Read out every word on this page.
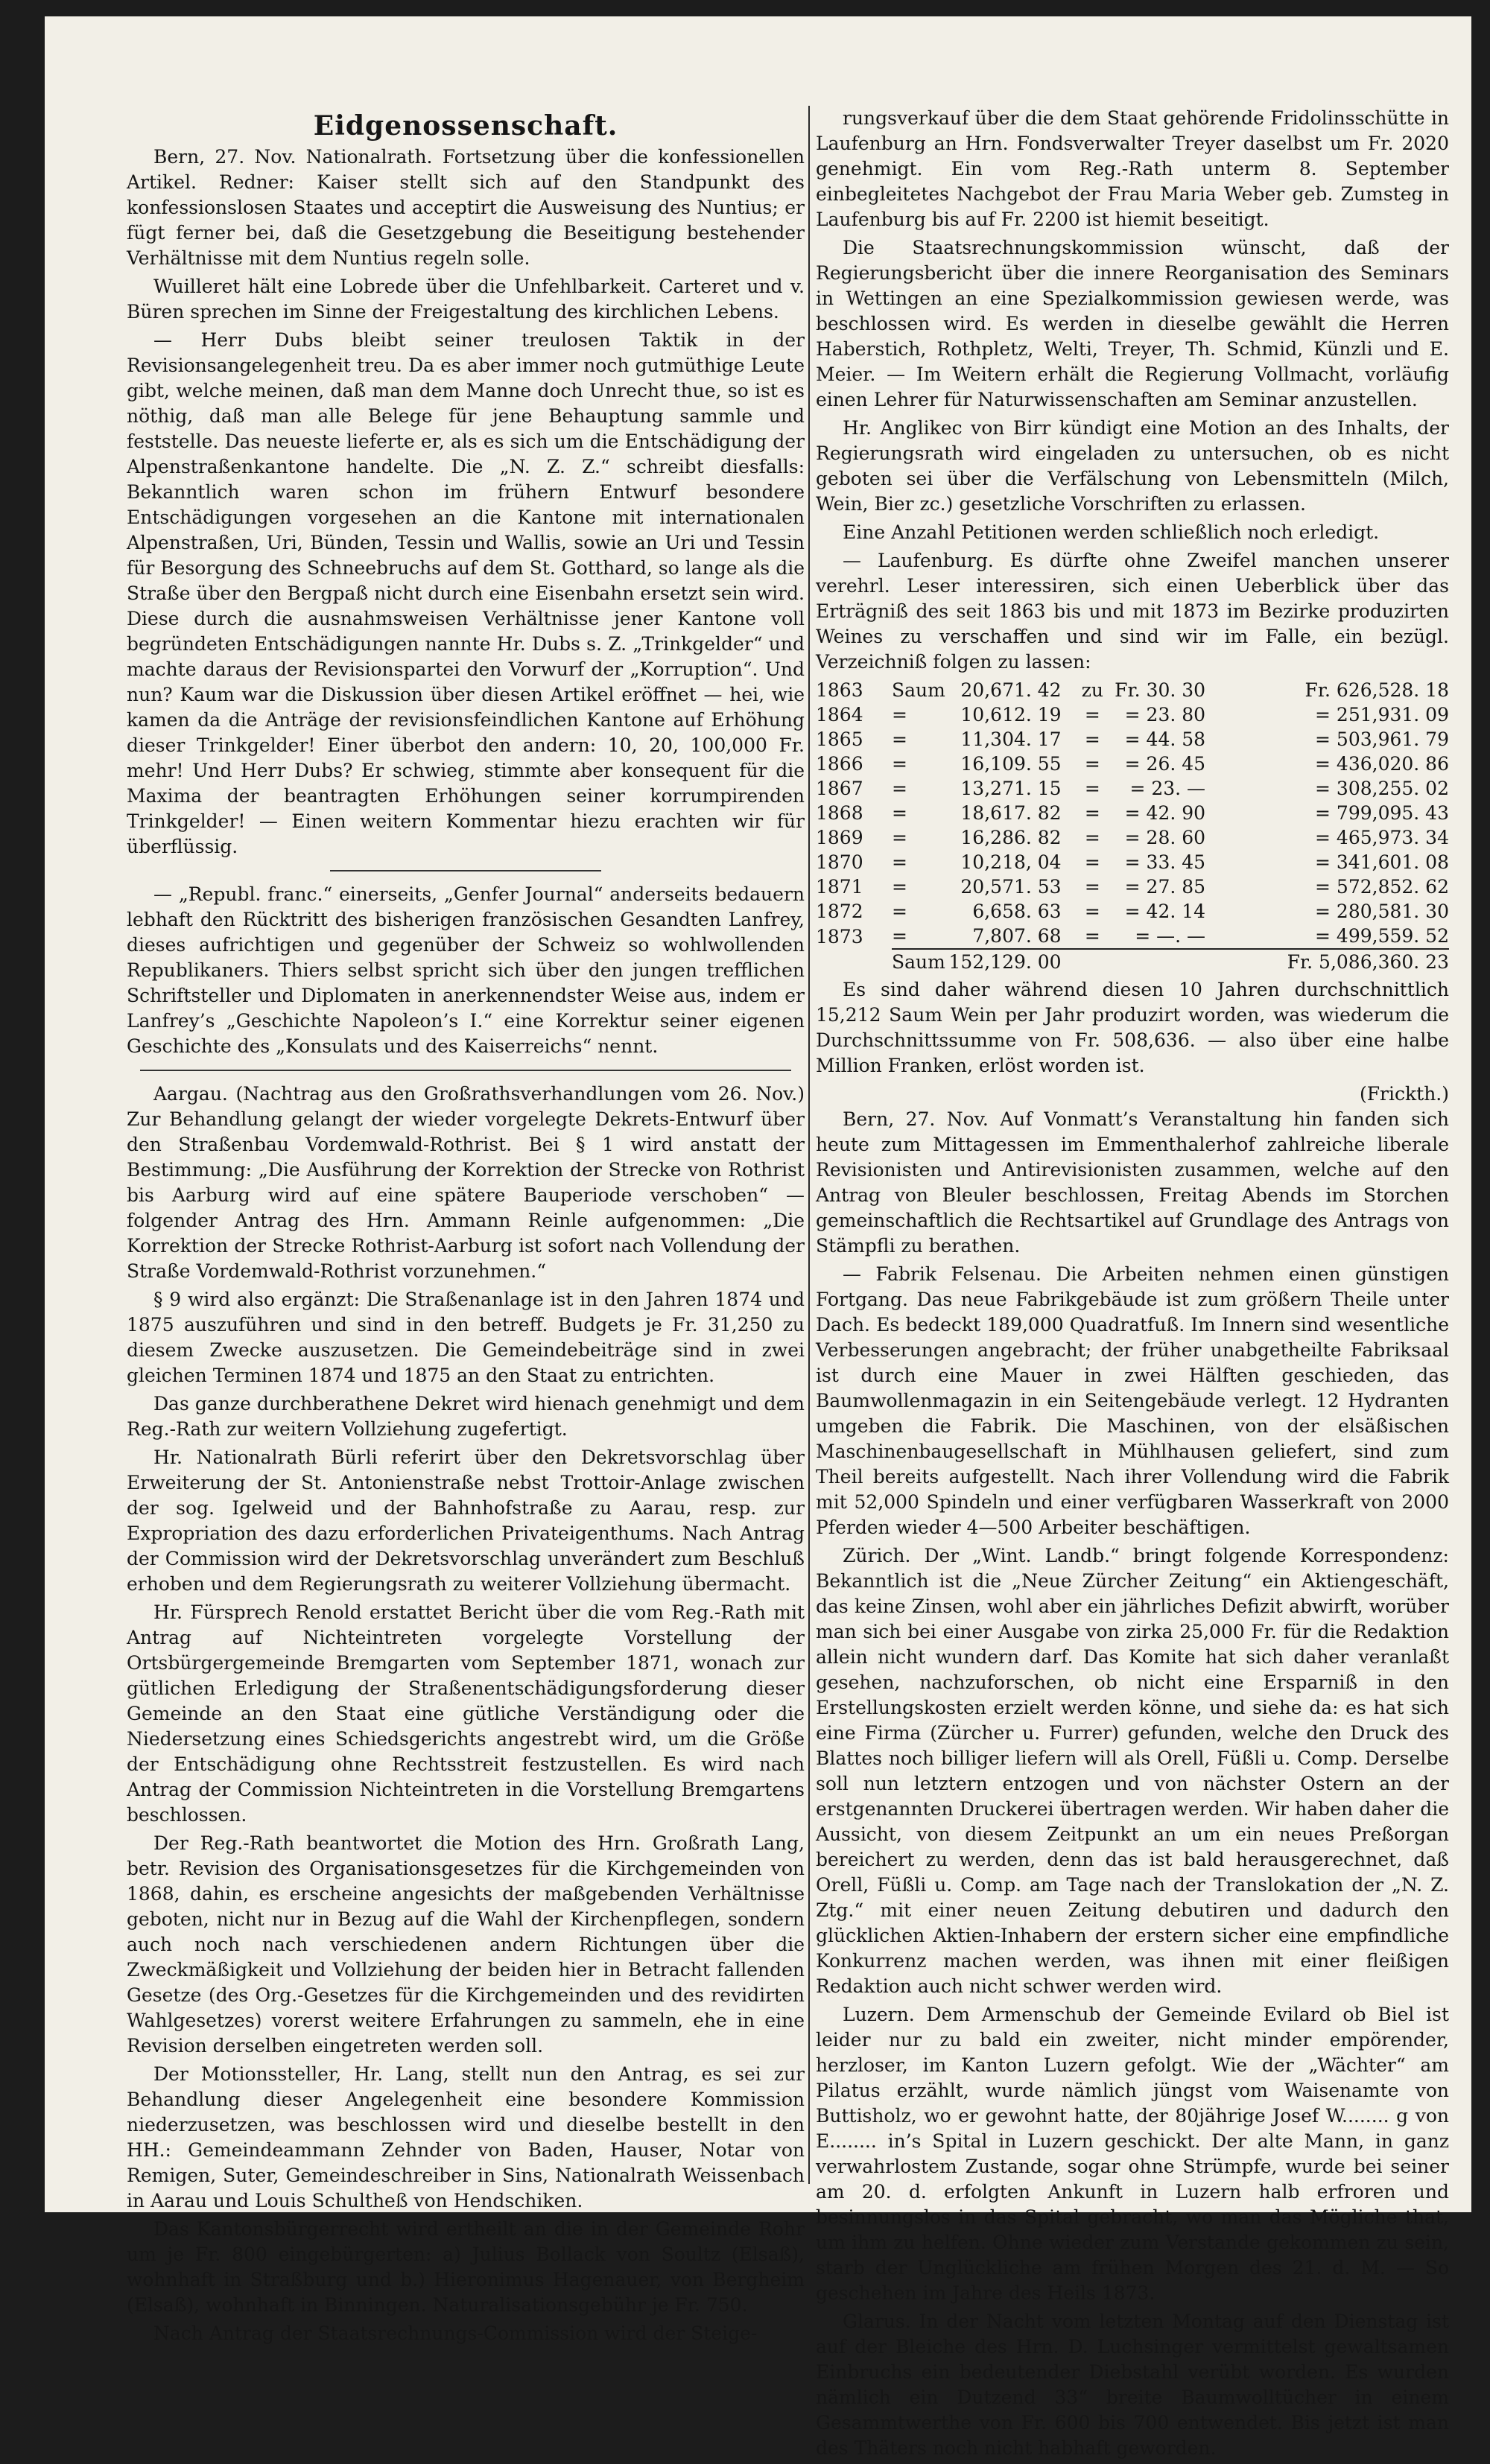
Eidgenossenschaft.

Bern, 27. Nov. Nationalrath. Fortsetzung über die konfessionellen Artikel. Redner: Kaiser stellt sich auf den Standpunkt des konfessionslosen Staates und acceptirt die Ausweisung des Nuntius; er fügt ferner bei, daß die Gesetzgebung die Beseitigung bestehender Verhältnisse mit dem Nuntius regeln solle.

Wuilleret hält eine Lobrede über die Unfehlbarkeit. Carteret und v. Büren sprechen im Sinne der Freigestaltung des kirchlichen Lebens.

— Herr Dubs bleibt seiner treulosen Taktik in der Revisionsangelegenheit treu. Da es aber immer noch gutmüthige Leute gibt, welche meinen, daß man dem Manne doch Unrecht thue, so ist es nöthig, daß man alle Belege für jene Behauptung sammle und feststelle. Das neueste lieferte er, als es sich um die Entschädigung der Alpenstraßenkantone handelte. Die „N. Z. Z.“ schreibt diesfalls: Bekanntlich waren schon im frühern Entwurf besondere Entschädigungen vorgesehen an die Kantone mit internationalen Alpenstraßen, Uri, Bünden, Tessin und Wallis, sowie an Uri und Tessin für Besorgung des Schneebruchs auf dem St. Gotthard, so lange als die Straße über den Bergpaß nicht durch eine Eisenbahn ersetzt sein wird. Diese durch die ausnahmsweisen Verhältnisse jener Kantone voll begründeten Entschädigungen nannte Hr. Dubs s. Z. „Trinkgelder“ und machte daraus der Revisionspartei den Vorwurf der „Korruption“. Und nun? Kaum war die Diskussion über diesen Artikel eröffnet — hei, wie kamen da die Anträge der revisionsfeindlichen Kantone auf Erhöhung dieser Trinkgelder! Einer überbot den andern: 10, 20, 100,000 Fr. mehr! Und Herr Dubs? Er schwieg, stimmte aber konsequent für die Maxima der beantragten Erhöhungen seiner korrumpirenden Trinkgelder! — Einen weitern Kommentar hiezu erachten wir für überflüssig.

— „Republ. franc.“ einerseits, „Genfer Journal“ anderseits bedauern lebhaft den Rücktritt des bisherigen französischen Gesandten Lanfrey, dieses aufrichtigen und gegenüber der Schweiz so wohlwollenden Republikaners. Thiers selbst spricht sich über den jungen trefflichen Schriftsteller und Diplomaten in anerkennendster Weise aus, indem er Lanfrey’s „Geschichte Napoleon’s I.“ eine Korrektur seiner eigenen Geschichte des „Konsulats und des Kaiserreichs“ nennt.

Aargau. (Nachtrag aus den Großrathsverhandlungen vom 26. Nov.) Zur Behandlung gelangt der wieder vorgelegte Dekrets-Entwurf über den Straßenbau Vordemwald-Rothrist. Bei § 1 wird anstatt der Bestimmung: „Die Ausführung der Korrektion der Strecke von Rothrist bis Aarburg wird auf eine spätere Bauperiode verschoben“ — folgender Antrag des Hrn. Ammann Reinle aufgenommen: „Die Korrektion der Strecke Rothrist-Aarburg ist sofort nach Vollendung der Straße Vordemwald-Rothrist vorzunehmen.“

§ 9 wird also ergänzt: Die Straßenanlage ist in den Jahren 1874 und 1875 auszuführen und sind in den betreff. Budgets je Fr. 31,250 zu diesem Zwecke auszusetzen. Die Gemeindebeiträge sind in zwei gleichen Terminen 1874 und 1875 an den Staat zu entrichten.

Das ganze durchberathene Dekret wird hienach genehmigt und dem Reg.-Rath zur weitern Vollziehung zugefertigt.

Hr. Nationalrath Bürli referirt über den Dekretsvorschlag über Erweiterung der St. Antonienstraße nebst Trottoir-Anlage zwischen der sog. Igelweid und der Bahnhofstraße zu Aarau, resp. zur Expropriation des dazu erforderlichen Privateigenthums. Nach Antrag der Commission wird der Dekretsvorschlag unverändert zum Beschluß erhoben und dem Regierungsrath zu weiterer Vollziehung übermacht.

Hr. Fürsprech Renold erstattet Bericht über die vom Reg.-Rath mit Antrag auf Nichteintreten vorgelegte Vorstellung der Ortsbürgergemeinde Bremgarten vom September 1871, wonach zur gütlichen Erledigung der Straßenentschädigungsforderung dieser Gemeinde an den Staat eine gütliche Verständigung oder die Niedersetzung eines Schiedsgerichts angestrebt wird, um die Größe der Entschädigung ohne Rechtsstreit festzustellen. Es wird nach Antrag der Commission Nichteintreten in die Vorstellung Bremgartens beschlossen.

Der Reg.-Rath beantwortet die Motion des Hrn. Großrath Lang, betr. Revision des Organisationsgesetzes für die Kirchgemeinden von 1868, dahin, es erscheine angesichts der maßgebenden Verhältnisse geboten, nicht nur in Bezug auf die Wahl der Kirchenpflegen, sondern auch noch nach verschiedenen andern Richtungen über die Zweckmäßigkeit und Vollziehung der beiden hier in Betracht fallenden Gesetze (des Org.-Gesetzes für die Kirchgemeinden und des revidirten Wahlgesetzes) vorerst weitere Erfahrungen zu sammeln, ehe in eine Revision derselben eingetreten werden soll.

Der Motionssteller, Hr. Lang, stellt nun den Antrag, es sei zur Behandlung dieser Angelegenheit eine besondere Kommission niederzusetzen, was beschlossen wird und dieselbe bestellt in den HH.: Gemeindeammann Zehnder von Baden, Hauser, Notar von Remigen, Suter, Gemeindeschreiber in Sins, Nationalrath Weissenbach in Aarau und Louis Schultheß von Hendschiken.

Das Kantonsbürgerrecht wird ertheilt an die in der Gemeinde Rohr um je Fr. 800 eingebürgerten: a) Julius Bollack von Soultz (Elsaß), wohnhaft in Straßburg und b.) Hieronimus Hagenauer, von Bergheim (Elsaß), wohnhaft in Binningen. Naturalisationsgebühr je Fr. 750.

Nach Antrag der Staatsrechnungs-Commission wird der Steige-

rungsverkauf über die dem Staat gehörende Fridolinsschütte in Laufenburg an Hrn. Fondsverwalter Treyer daselbst um Fr. 2020 genehmigt. Ein vom Reg.-Rath unterm 8. September einbegleitetes Nachgebot der Frau Maria Weber geb. Zumsteg in Laufenburg bis auf Fr. 2200 ist hiemit beseitigt.

Die Staatsrechnungskommission wünscht, daß der Regierungsbericht über die innere Reorganisation des Seminars in Wettingen an eine Spezialkommission gewiesen werde, was beschlossen wird. Es werden in dieselbe gewählt die Herren Haberstich, Rothpletz, Welti, Treyer, Th. Schmid, Künzli und E. Meier. — Im Weitern erhält die Regierung Vollmacht, vorläufig einen Lehrer für Naturwissenschaften am Seminar anzustellen.

Hr. Anglikec von Birr kündigt eine Motion an des Inhalts, der Regierungsrath wird eingeladen zu untersuchen, ob es nicht geboten sei über die Verfälschung von Lebensmitteln (Milch, Wein, Bier zc.) gesetzliche Vorschriften zu erlassen.

Eine Anzahl Petitionen werden schließlich noch erledigt.

— Laufenburg. Es dürfte ohne Zweifel manchen unserer verehrl. Leser interessiren, sich einen Ueberblick über das Erträgniß des seit 1863 bis und mit 1873 im Bezirke produzirten Weines zu verschaffen und sind wir im Falle, ein bezügl. Verzeichniß folgen zu lassen:

1863	Saum	20,671. 42	zu	Fr. 30. 30	Fr. 626,528. 18
1864	=	10,612. 19	=	= 23. 80	= 251,931. 09
1865	=	11,304. 17	=	= 44. 58	= 503,961. 79
1866	=	16,109. 55	=	= 26. 45	= 436,020. 86
1867	=	13,271. 15	=	= 23. —	= 308,255. 02
1868	=	18,617. 82	=	= 42. 90	= 799,095. 43
1869	=	16,286. 82	=	= 28. 60	= 465,973. 34
1870	=	10,218, 04	=	= 33. 45	= 341,601. 08
1871	=	20,571. 53	=	= 27. 85	= 572,852. 62
1872	=	6,658. 63	=	= 42. 14	= 280,581. 30
1873	=	7,807. 68	=	= —. —	= 499,559. 52
	Saum	152,129. 00			Fr. 5,086,360. 23

Es sind daher während diesen 10 Jahren durchschnittlich 15,212 Saum Wein per Jahr produzirt worden, was wiederum die Durchschnittssumme von Fr. 508,636. — also über eine halbe Million Franken, erlöst worden ist.

(Frickth.)

Bern, 27. Nov. Auf Vonmatt’s Veranstaltung hin fanden sich heute zum Mittagessen im Emmenthalerhof zahlreiche liberale Revisionisten und Antirevisionisten zusammen, welche auf den Antrag von Bleuler beschlossen, Freitag Abends im Storchen gemeinschaftlich die Rechtsartikel auf Grundlage des Antrags von Stämpfli zu berathen.

— Fabrik Felsenau. Die Arbeiten nehmen einen günstigen Fortgang. Das neue Fabrikgebäude ist zum größern Theile unter Dach. Es bedeckt 189,000 Quadratfuß. Im Innern sind wesentliche Verbesserungen angebracht; der früher unabgetheilte Fabriksaal ist durch eine Mauer in zwei Hälften geschieden, das Baumwollenmagazin in ein Seitengebäude verlegt. 12 Hydranten umgeben die Fabrik. Die Maschinen, von der elsäßischen Maschinenbaugesellschaft in Mühlhausen geliefert, sind zum Theil bereits aufgestellt. Nach ihrer Vollendung wird die Fabrik mit 52,000 Spindeln und einer verfügbaren Wasserkraft von 2000 Pferden wieder 4—500 Arbeiter beschäftigen.

Zürich. Der „Wint. Landb.“ bringt folgende Korrespondenz: Bekanntlich ist die „Neue Zürcher Zeitung“ ein Aktiengeschäft, das keine Zinsen, wohl aber ein jährliches Defizit abwirft, worüber man sich bei einer Ausgabe von zirka 25,000 Fr. für die Redaktion allein nicht wundern darf. Das Komite hat sich daher veranlaßt gesehen, nachzuforschen, ob nicht eine Ersparniß in den Erstellungskosten erzielt werden könne, und siehe da: es hat sich eine Firma (Zürcher u. Furrer) gefunden, welche den Druck des Blattes noch billiger liefern will als Orell, Füßli u. Comp. Derselbe soll nun letztern entzogen und von nächster Ostern an der erstgenannten Druckerei übertragen werden. Wir haben daher die Aussicht, von diesem Zeitpunkt an um ein neues Preßorgan bereichert zu werden, denn das ist bald herausgerechnet, daß Orell, Füßli u. Comp. am Tage nach der Translokation der „N. Z. Ztg.“ mit einer neuen Zeitung debutiren und dadurch den glücklichen Aktien-Inhabern der erstern sicher eine empfindliche Konkurrenz machen werden, was ihnen mit einer fleißigen Redaktion auch nicht schwer werden wird.

Luzern. Dem Armenschub der Gemeinde Evilard ob Biel ist leider nur zu bald ein zweiter, nicht minder empörender, herzloser, im Kanton Luzern gefolgt. Wie der „Wächter“ am Pilatus erzählt, wurde nämlich jüngst vom Waisenamte von Buttisholz, wo er gewohnt hatte, der 80jährige Josef W........ g von E........ in’s Spital in Luzern geschickt. Der alte Mann, in ganz verwahrlostem Zustande, sogar ohne Strümpfe, wurde bei seiner am 20. d. erfolgten Ankunft in Luzern halb erfroren und besinnungslos in das Spital gebracht, wo man das Mögliche that, um ihm zu helfen. Ohne wieder zum Verstande gekommen zu sein, starb der Unglückliche am frühen Morgen des 21. d. M. — So geschehen im Jahre des Heils 1873.

Glarus. In der Nacht vom letzten Montag auf den Dienstag ist auf der Bleiche des Hrn. D. Luchsinger vermittelst gewaltsamen Einbruchs ein bedeutender Diebstahl verübt worden. Es wurden nämlich ein Dutzend 33“ breite Baumwolltücher in einem Gesammtwerthe von Fr. 600 bis 700 entwendet. Bis jetzt ist man des Thäters noch nicht habhaft geworden.
